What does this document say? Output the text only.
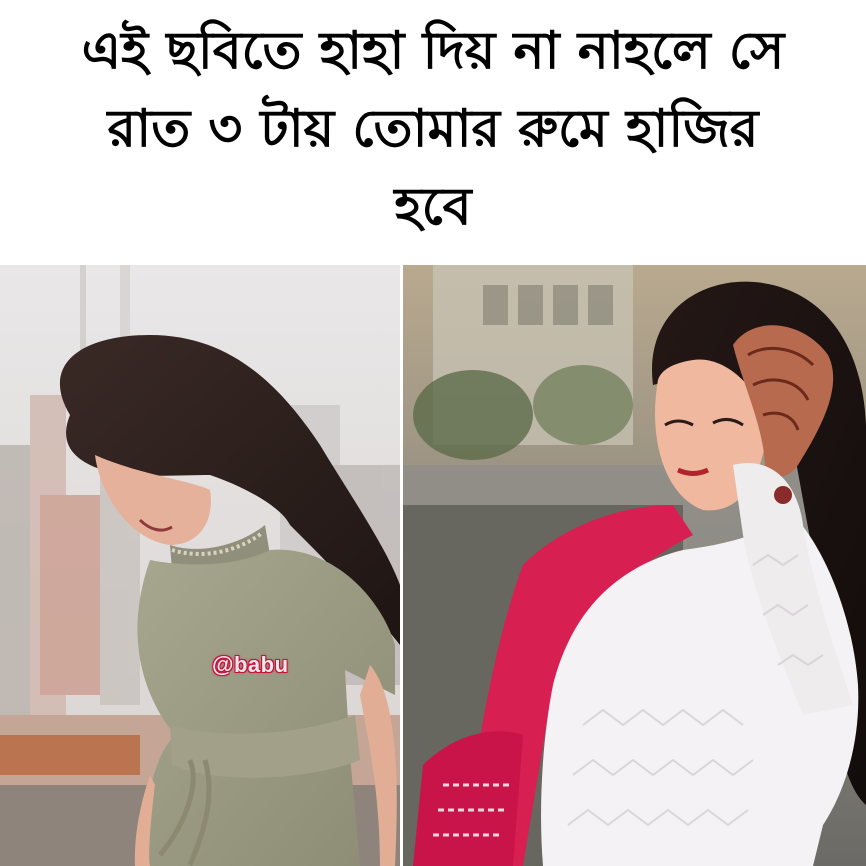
এই ছবিতে হাহা দিয় না নাহলে সে
রাত ৩ টায় তোমার রুমে হাজির
হবে
@babu
